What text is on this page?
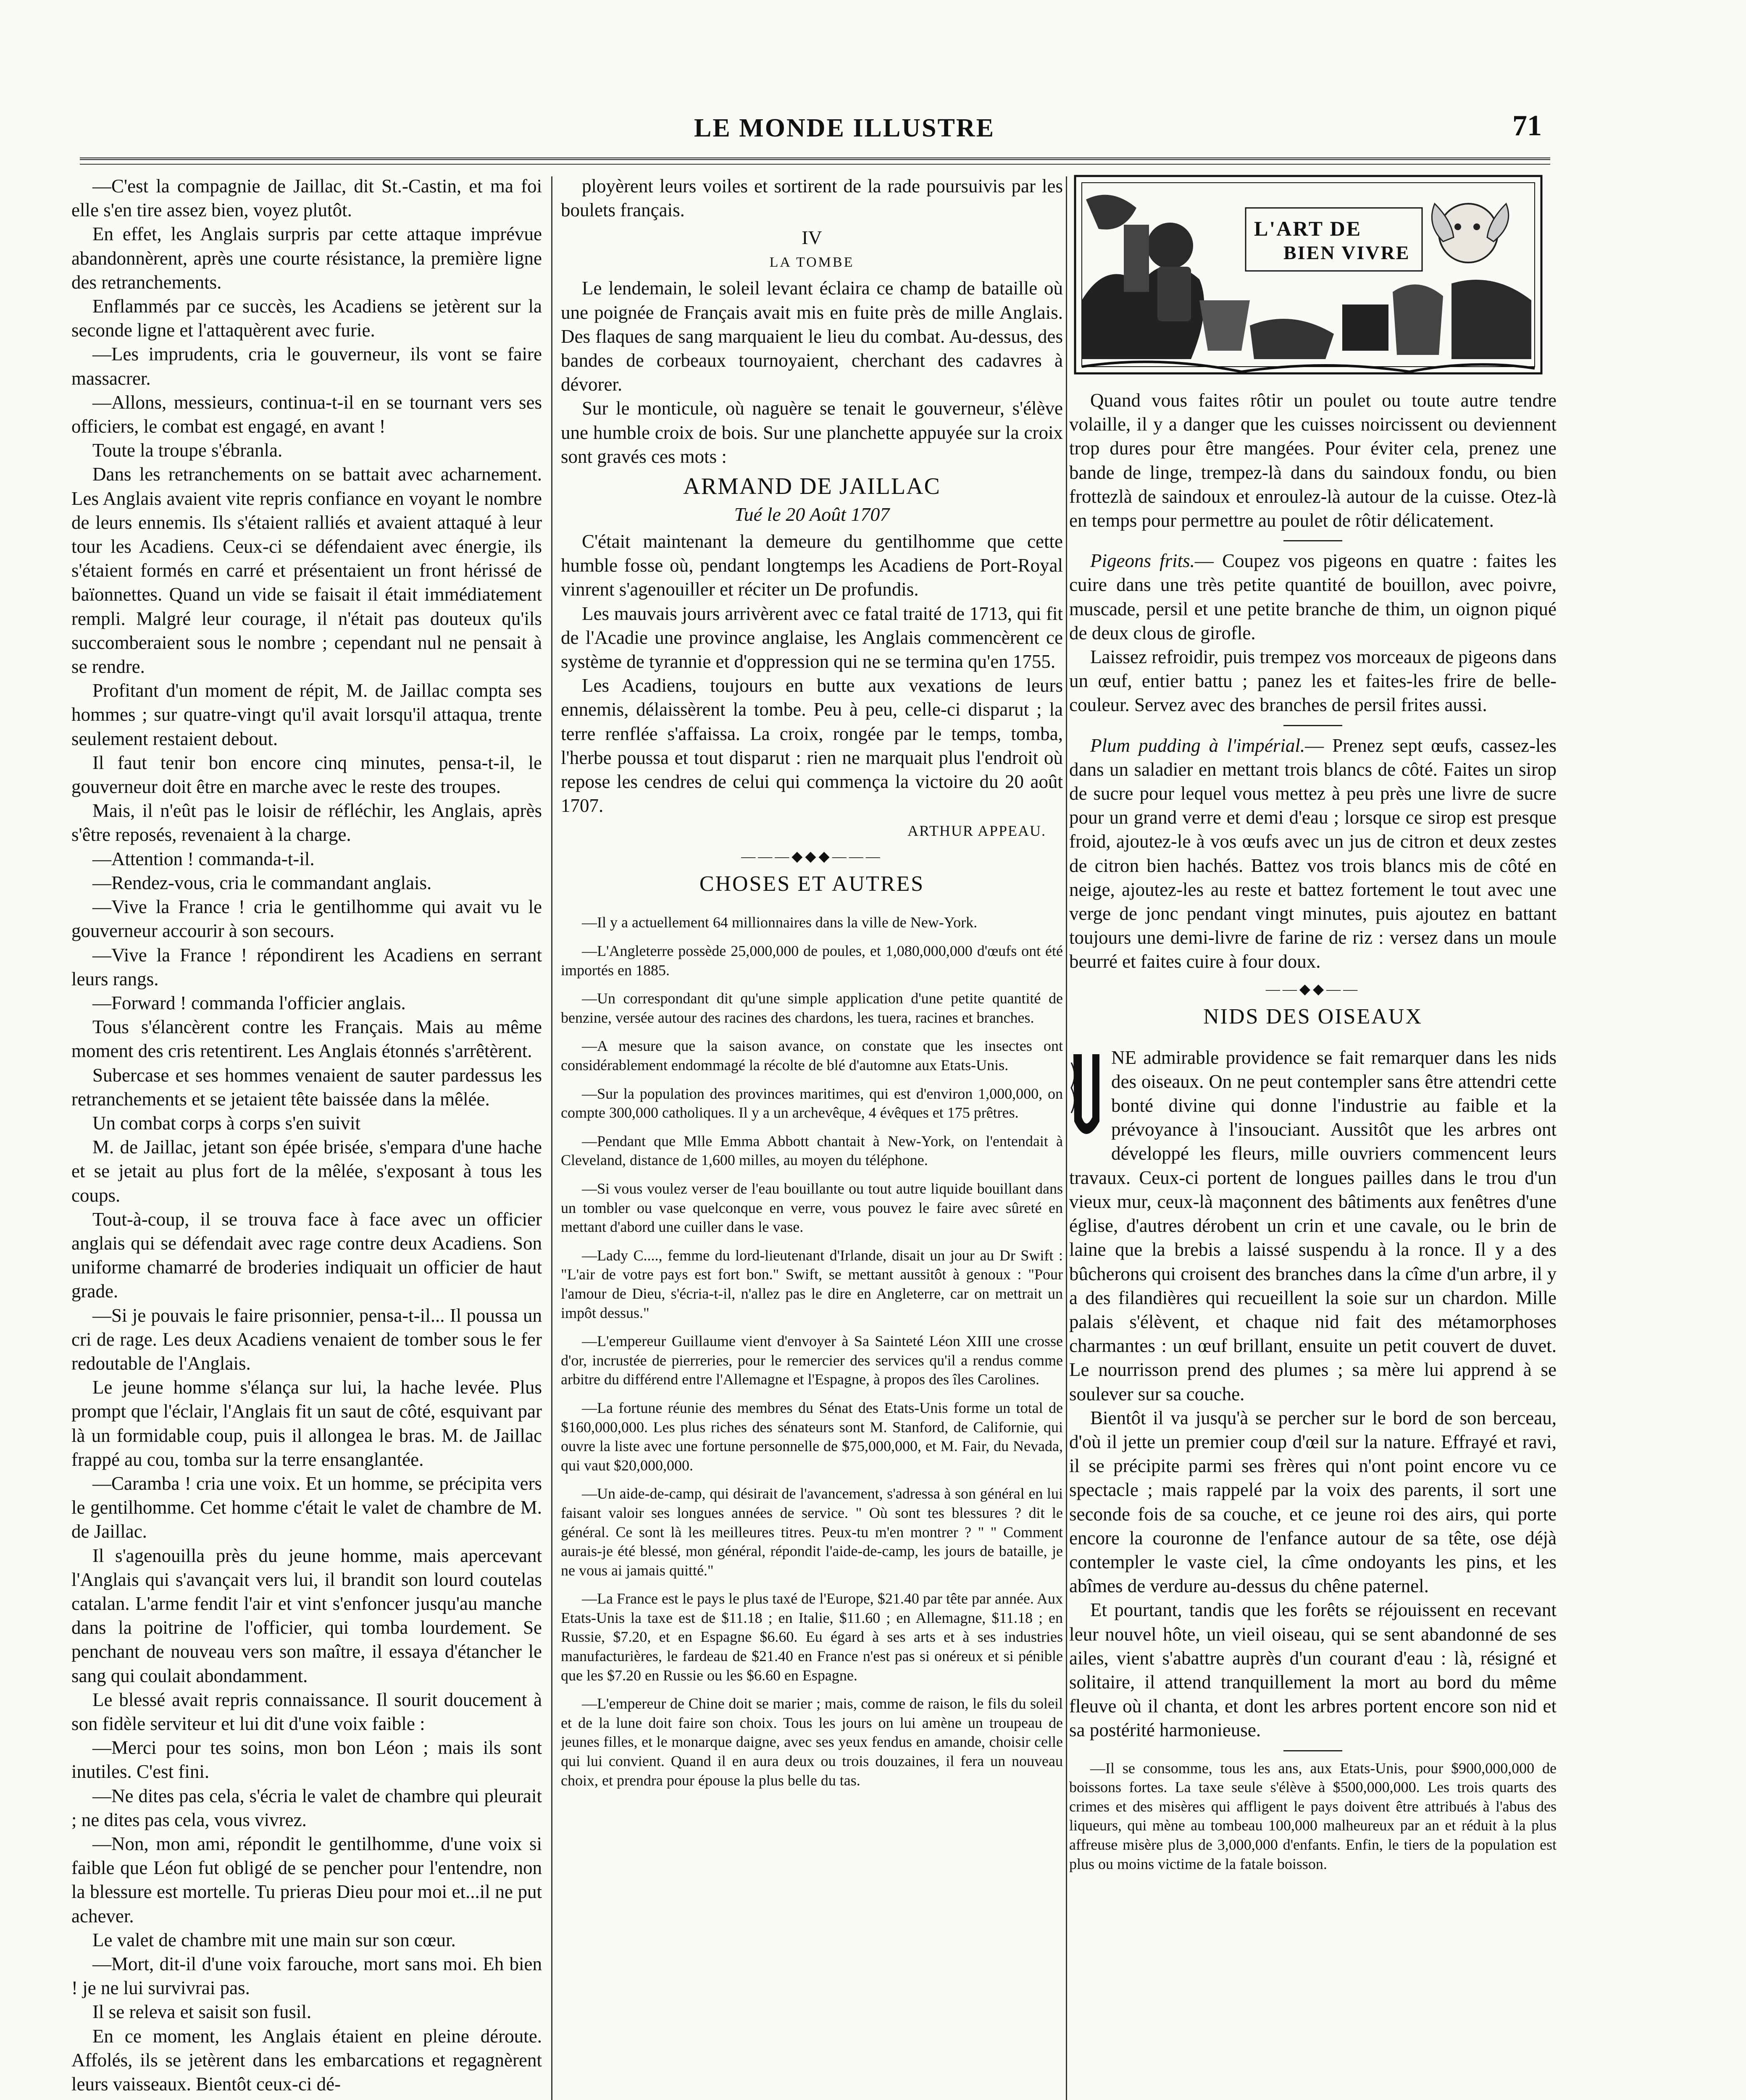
LE MONDE ILLUSTRE	71

—C'est la compagnie de Jaillac, dit St.-Castin, et ma foi elle s'en tire assez bien, voyez plutôt.

En effet, les Anglais surpris par cette attaque imprévue abandonnèrent, après une courte résistance, la première ligne des retranchements.

Enflammés par ce succès, les Acadiens se jetèrent sur la seconde ligne et l'attaquèrent avec furie.

—Les imprudents, cria le gouverneur, ils vont se faire massacrer.

—Allons, messieurs, continua-t-il en se tournant vers ses officiers, le combat est engagé, en avant !

Toute la troupe s'ébranla.

Dans les retranchements on se battait avec acharnement. Les Anglais avaient vite repris confiance en voyant le nombre de leurs ennemis. Ils s'étaient ralliés et avaient attaqué à leur tour les Acadiens. Ceux-ci se défendaient avec énergie, ils s'étaient formés en carré et présentaient un front hérissé de baïonnettes. Quand un vide se faisait il était immédiatement rempli. Malgré leur courage, il n'était pas douteux qu'ils succomberaient sous le nombre ; cependant nul ne pensait à se rendre.

Profitant d'un moment de répit, M. de Jaillac compta ses hommes ; sur quatre-vingt qu'il avait lorsqu'il attaqua, trente seulement restaient debout.

Il faut tenir bon encore cinq minutes, pensa-t-il, le gouverneur doit être en marche avec le reste des troupes.

Mais, il n'eût pas le loisir de réfléchir, les Anglais, après s'être reposés, revenaient à la charge.

—Attention ! commanda-t-il.

—Rendez-vous, cria le commandant anglais.

—Vive la France ! cria le gentilhomme qui avait vu le gouverneur accourir à son secours.

—Vive la France ! répondirent les Acadiens en serrant leurs rangs.

—Forward ! commanda l'officier anglais.

Tous s'élancèrent contre les Français. Mais au même moment des cris retentirent. Les Anglais étonnés s'arrêtèrent.

Subercase et ses hommes venaient de sauter pardessus les retranchements et se jetaient tête baissée dans la mêlée.

Un combat corps à corps s'en suivit

M. de Jaillac, jetant son épée brisée, s'empara d'une hache et se jetait au plus fort de la mêlée, s'exposant à tous les coups.

Tout-à-coup, il se trouva face à face avec un officier anglais qui se défendait avec rage contre deux Acadiens. Son uniforme chamarré de broderies indiquait un officier de haut grade.

—Si je pouvais le faire prisonnier, pensa-t-il... Il poussa un cri de rage. Les deux Acadiens venaient de tomber sous le fer redoutable de l'Anglais.

Le jeune homme s'élança sur lui, la hache levée. Plus prompt que l'éclair, l'Anglais fit un saut de côté, esquivant par là un formidable coup, puis il allongea le bras. M. de Jaillac frappé au cou, tomba sur la terre ensanglantée.

—Caramba ! cria une voix. Et un homme, se précipita vers le gentilhomme. Cet homme c'était le valet de chambre de M. de Jaillac.

Il s'agenouilla près du jeune homme, mais apercevant l'Anglais qui s'avançait vers lui, il brandit son lourd coutelas catalan. L'arme fendit l'air et vint s'enfoncer jusqu'au manche dans la poitrine de l'officier, qui tomba lourdement. Se penchant de nouveau vers son maître, il essaya d'étancher le sang qui coulait abondamment.

Le blessé avait repris connaissance. Il sourit doucement à son fidèle serviteur et lui dit d'une voix faible :

—Merci pour tes soins, mon bon Léon ; mais ils sont inutiles. C'est fini.

—Ne dites pas cela, s'écria le valet de chambre qui pleurait ; ne dites pas cela, vous vivrez.

—Non, mon ami, répondit le gentilhomme, d'une voix si faible que Léon fut obligé de se pencher pour l'entendre, non la blessure est mortelle. Tu prieras Dieu pour moi et...il ne put achever.

Le valet de chambre mit une main sur son cœur.

—Mort, dit-il d'une voix farouche, mort sans moi. Eh bien ! je ne lui survivrai pas.

Il se releva et saisit son fusil.

En ce moment, les Anglais étaient en pleine déroute. Affolés, ils se jetèrent dans les embarcations et regagnèrent leurs vaisseaux. Bientôt ceux-ci dé-

ployèrent leurs voiles et sortirent de la rade poursuivis par les boulets français.

IV
LA TOMBE

Le lendemain, le soleil levant éclaira ce champ de bataille où une poignée de Français avait mis en fuite près de mille Anglais. Des flaques de sang marquaient le lieu du combat. Au-dessus, des bandes de corbeaux tournoyaient, cherchant des cadavres à dévorer.

Sur le monticule, où naguère se tenait le gouverneur, s'élève une humble croix de bois. Sur une planchette appuyée sur la croix sont gravés ces mots :

ARMAND DE JAILLAC
Tué le 20 Août 1707

C'était maintenant la demeure du gentilhomme que cette humble fosse où, pendant longtemps les Acadiens de Port-Royal vinrent s'agenouiller et réciter un De profundis.

Les mauvais jours arrivèrent avec ce fatal traité de 1713, qui fit de l'Acadie une province anglaise, les Anglais commencèrent ce système de tyrannie et d'oppression qui ne se termina qu'en 1755.

Les Acadiens, toujours en butte aux vexations de leurs ennemis, délaissèrent la tombe. Peu à peu, celle-ci disparut ; la terre renflée s'affaissa. La croix, rongée par le temps, tomba, l'herbe poussa et tout disparut : rien ne marquait plus l'endroit où repose les cendres de celui qui commença la victoire du 20 août 1707.

ARTHUR APPEAU.
———◆◆◆———
CHOSES ET AUTRES

—Il y a actuellement 64 millionnaires dans la ville de New-York.

—L'Angleterre possède 25,000,000 de poules, et 1,080,000,000 d'œufs ont été importés en 1885.

—Un correspondant dit qu'une simple application d'une petite quantité de benzine, versée autour des racines des chardons, les tuera, racines et branches.

—A mesure que la saison avance, on constate que les insectes ont considérablement endommagé la récolte de blé d'automne aux Etats-Unis.

—Sur la population des provinces maritimes, qui est d'environ 1,000,000, on compte 300,000 catholiques. Il y a un archevêque, 4 évêques et 175 prêtres.

—Pendant que Mlle Emma Abbott chantait à New-York, on l'entendait à Cleveland, distance de 1,600 milles, au moyen du téléphone.

—Si vous voulez verser de l'eau bouillante ou tout autre liquide bouillant dans un tombler ou vase quelconque en verre, vous pouvez le faire avec sûreté en mettant d'abord une cuiller dans le vase.

—Lady C...., femme du lord-lieutenant d'Irlande, disait un jour au Dr Swift : "L'air de votre pays est fort bon." Swift, se mettant aussitôt à genoux : "Pour l'amour de Dieu, s'écria-t-il, n'allez pas le dire en Angleterre, car on mettrait un impôt dessus."

—L'empereur Guillaume vient d'envoyer à Sa Sainteté Léon XIII une crosse d'or, incrustée de pierreries, pour le remercier des services qu'il a rendus comme arbitre du différend entre l'Allemagne et l'Espagne, à propos des îles Carolines.

—La fortune réunie des membres du Sénat des Etats-Unis forme un total de $160,000,000. Les plus riches des sénateurs sont M. Stanford, de Californie, qui ouvre la liste avec une fortune personnelle de $75,000,000, et M. Fair, du Nevada, qui vaut $20,000,000.

—Un aide-de-camp, qui désirait de l'avancement, s'adressa à son général en lui faisant valoir ses longues années de service. " Où sont tes blessures ? dit le général. Ce sont là les meilleures titres. Peux-tu m'en montrer ? " " Comment aurais-je été blessé, mon général, répondit l'aide-de-camp, les jours de bataille, je ne vous ai jamais quitté."

—La France est le pays le plus taxé de l'Europe, $21.40 par tête par année. Aux Etats-Unis la taxe est de $11.18 ; en Italie, $11.60 ; en Allemagne, $11.18 ; en Russie, $7.20, et en Espagne $6.60. Eu égard à ses arts et à ses industries manufacturières, le fardeau de $21.40 en France n'est pas si onéreux et si pénible que les $7.20 en Russie ou les $6.60 en Espagne.

—L'empereur de Chine doit se marier ; mais, comme de raison, le fils du soleil et de la lune doit faire son choix. Tous les jours on lui amène un troupeau de jeunes filles, et le monarque daigne, avec ses yeux fendus en amande, choisir celle qui lui convient. Quand il en aura deux ou trois douzaines, il fera un nouveau choix, et prendra pour épouse la plus belle du tas.

L'ART DE
BIEN VIVRE

Quand vous faites rôtir un poulet ou toute autre tendre volaille, il y a danger que les cuisses noircissent ou deviennent trop dures pour être mangées. Pour éviter cela, prenez une bande de linge, trempez-là dans du saindoux fondu, ou bien frottezlà de saindoux et enroulez-là autour de la cuisse. Otez-là en temps pour permettre au poulet de rôtir délicatement.

Pigeons frits.— Coupez vos pigeons en quatre : faites les cuire dans une très petite quantité de bouillon, avec poivre, muscade, persil et une petite branche de thim, un oignon piqué de deux clous de girofle.

Laissez refroidir, puis trempez vos morceaux de pigeons dans un œuf, entier battu ; panez les et faites-les frire de belle-couleur. Servez avec des branches de persil frites aussi.

Plum pudding à l'impérial.— Prenez sept œufs, cassez-les dans un saladier en mettant trois blancs de côté. Faites un sirop de sucre pour lequel vous mettez à peu près une livre de sucre pour un grand verre et demi d'eau ; lorsque ce sirop est presque froid, ajoutez-le à vos œufs avec un jus de citron et deux zestes de citron bien hachés. Battez vos trois blancs mis de côté en neige, ajoutez-les au reste et battez fortement le tout avec une verge de jonc pendant vingt minutes, puis ajoutez en battant toujours une demi-livre de farine de riz : versez dans un moule beurré et faites cuire à four doux.

——◆◆——
NIDS DES OISEAUX

NE admirable providence se fait remarquer dans les nids des oiseaux. On ne peut contempler sans être attendri cette bonté divine qui donne l'industrie au faible et la prévoyance à l'insouciant. Aussitôt que les arbres ont développé les fleurs, mille ouvriers commencent leurs travaux. Ceux-ci portent de longues pailles dans le trou d'un vieux mur, ceux-là maçonnent des bâtiments aux fenêtres d'une église, d'autres dérobent un crin et une cavale, ou le brin de laine que la brebis a laissé suspendu à la ronce. Il y a des bûcherons qui croisent des branches dans la cîme d'un arbre, il y a des filandières qui recueillent la soie sur un chardon. Mille palais s'élèvent, et chaque nid fait des métamorphoses charmantes : un œuf brillant, ensuite un petit couvert de duvet. Le nourrisson prend des plumes ; sa mère lui apprend à se soulever sur sa couche.

Bientôt il va jusqu'à se percher sur le bord de son berceau, d'où il jette un premier coup d'œil sur la nature. Effrayé et ravi, il se précipite parmi ses frères qui n'ont point encore vu ce spectacle ; mais rappelé par la voix des parents, il sort une seconde fois de sa couche, et ce jeune roi des airs, qui porte encore la couronne de l'enfance autour de sa tête, ose déjà contempler le vaste ciel, la cîme ondoyants les pins, et les abîmes de verdure au-dessus du chêne paternel.

Et pourtant, tandis que les forêts se réjouissent en recevant leur nouvel hôte, un vieil oiseau, qui se sent abandonné de ses ailes, vient s'abattre auprès d'un courant d'eau : là, résigné et solitaire, il attend tranquillement la mort au bord du même fleuve où il chanta, et dont les arbres portent encore son nid et sa postérité harmonieuse.

—Il se consomme, tous les ans, aux Etats-Unis, pour $900,000,000 de boissons fortes. La taxe seule s'élève à $500,000,000. Les trois quarts des crimes et des misères qui affligent le pays doivent être attribués à l'abus des liqueurs, qui mène au tombeau 100,000 malheureux par an et réduit à la plus affreuse misère plus de 3,000,000 d'enfants. Enfin, le tiers de la population est plus ou moins victime de la fatale boisson.
